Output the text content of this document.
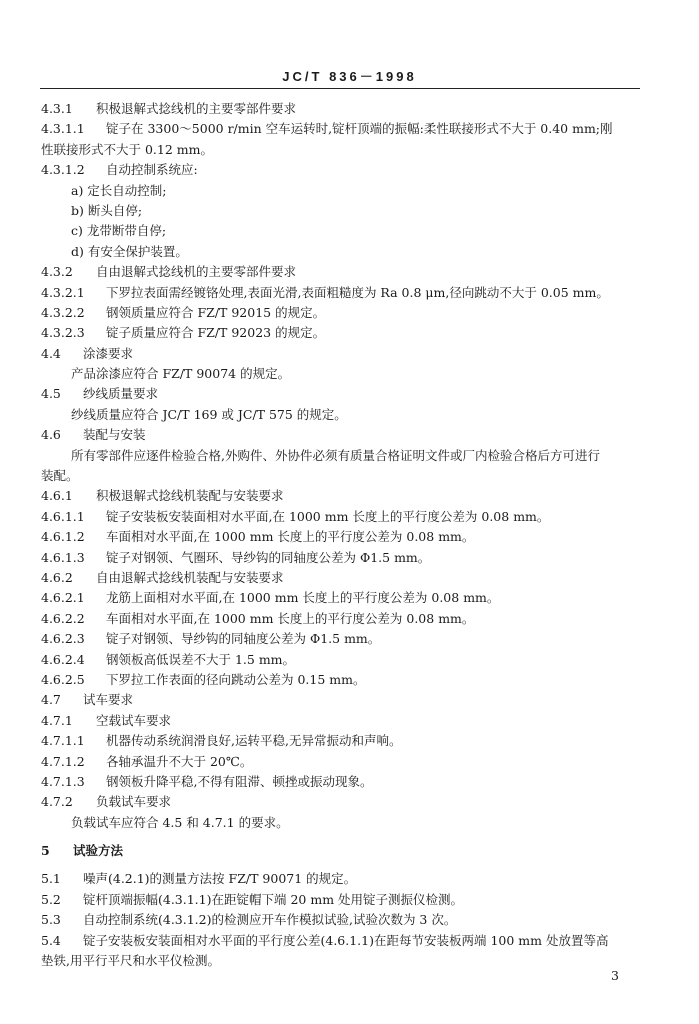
JC/T 836－1998
4.3.1 积极退解式捻线机的主要零部件要求
4.3.1.1 锭子在 3300～5000 r/min 空车运转时,锭杆顶端的振幅:柔性联接形式不大于 0.40 mm;刚
性联接形式不大于 0.12 mm。
4.3.1.2 自动控制系统应:
a) 定长自动控制;
b) 断头自停;
c) 龙带断带自停;
d) 有安全保护装置。
4.3.2 自由退解式捻线机的主要零部件要求
4.3.2.1 下罗拉表面需经镀铬处理,表面光滑,表面粗糙度为 Ra 0.8 μm,径向跳动不大于 0.05 mm。
4.3.2.2 钢领质量应符合 FZ/T 92015 的规定。
4.3.2.3 锭子质量应符合 FZ/T 92023 的规定。
4.4 涂漆要求
产品涂漆应符合 FZ/T 90074 的规定。
4.5 纱线质量要求
纱线质量应符合 JC/T 169 或 JC/T 575 的规定。
4.6 装配与安装
所有零部件应逐件检验合格,外购件、外协件必须有质量合格证明文件或厂内检验合格后方可进行
装配。
4.6.1 积极退解式捻线机装配与安装要求
4.6.1.1 锭子安装板安装面相对水平面,在 1000 mm 长度上的平行度公差为 0.08 mm。
4.6.1.2 车面相对水平面,在 1000 mm 长度上的平行度公差为 0.08 mm。
4.6.1.3 锭子对钢领、气圈环、导纱钩的同轴度公差为 Φ1.5 mm。
4.6.2 自由退解式捻线机装配与安装要求
4.6.2.1 龙筋上面相对水平面,在 1000 mm 长度上的平行度公差为 0.08 mm。
4.6.2.2 车面相对水平面,在 1000 mm 长度上的平行度公差为 0.08 mm。
4.6.2.3 锭子对钢领、导纱钩的同轴度公差为 Φ1.5 mm。
4.6.2.4 钢领板高低误差不大于 1.5 mm。
4.6.2.5 下罗拉工作表面的径向跳动公差为 0.15 mm。
4.7 试车要求
4.7.1 空载试车要求
4.7.1.1 机器传动系统润滑良好,运转平稳,无异常振动和声响。
4.7.1.2 各轴承温升不大于 20℃。
4.7.1.3 钢领板升降平稳,不得有阻滞、顿挫或振动现象。
4.7.2 负载试车要求
负载试车应符合 4.5 和 4.7.1 的要求。
5 试验方法
5.1 噪声(4.2.1)的测量方法按 FZ/T 90071 的规定。
5.2 锭杆顶端振幅(4.3.1.1)在距锭帽下端 20 mm 处用锭子测振仪检测。
5.3 自动控制系统(4.3.1.2)的检测应开车作模拟试验,试验次数为 3 次。
5.4 锭子安装板安装面相对水平面的平行度公差(4.6.1.1)在距每节安装板两端 100 mm 处放置等高
垫铁,用平行平尺和水平仪检测。
3
